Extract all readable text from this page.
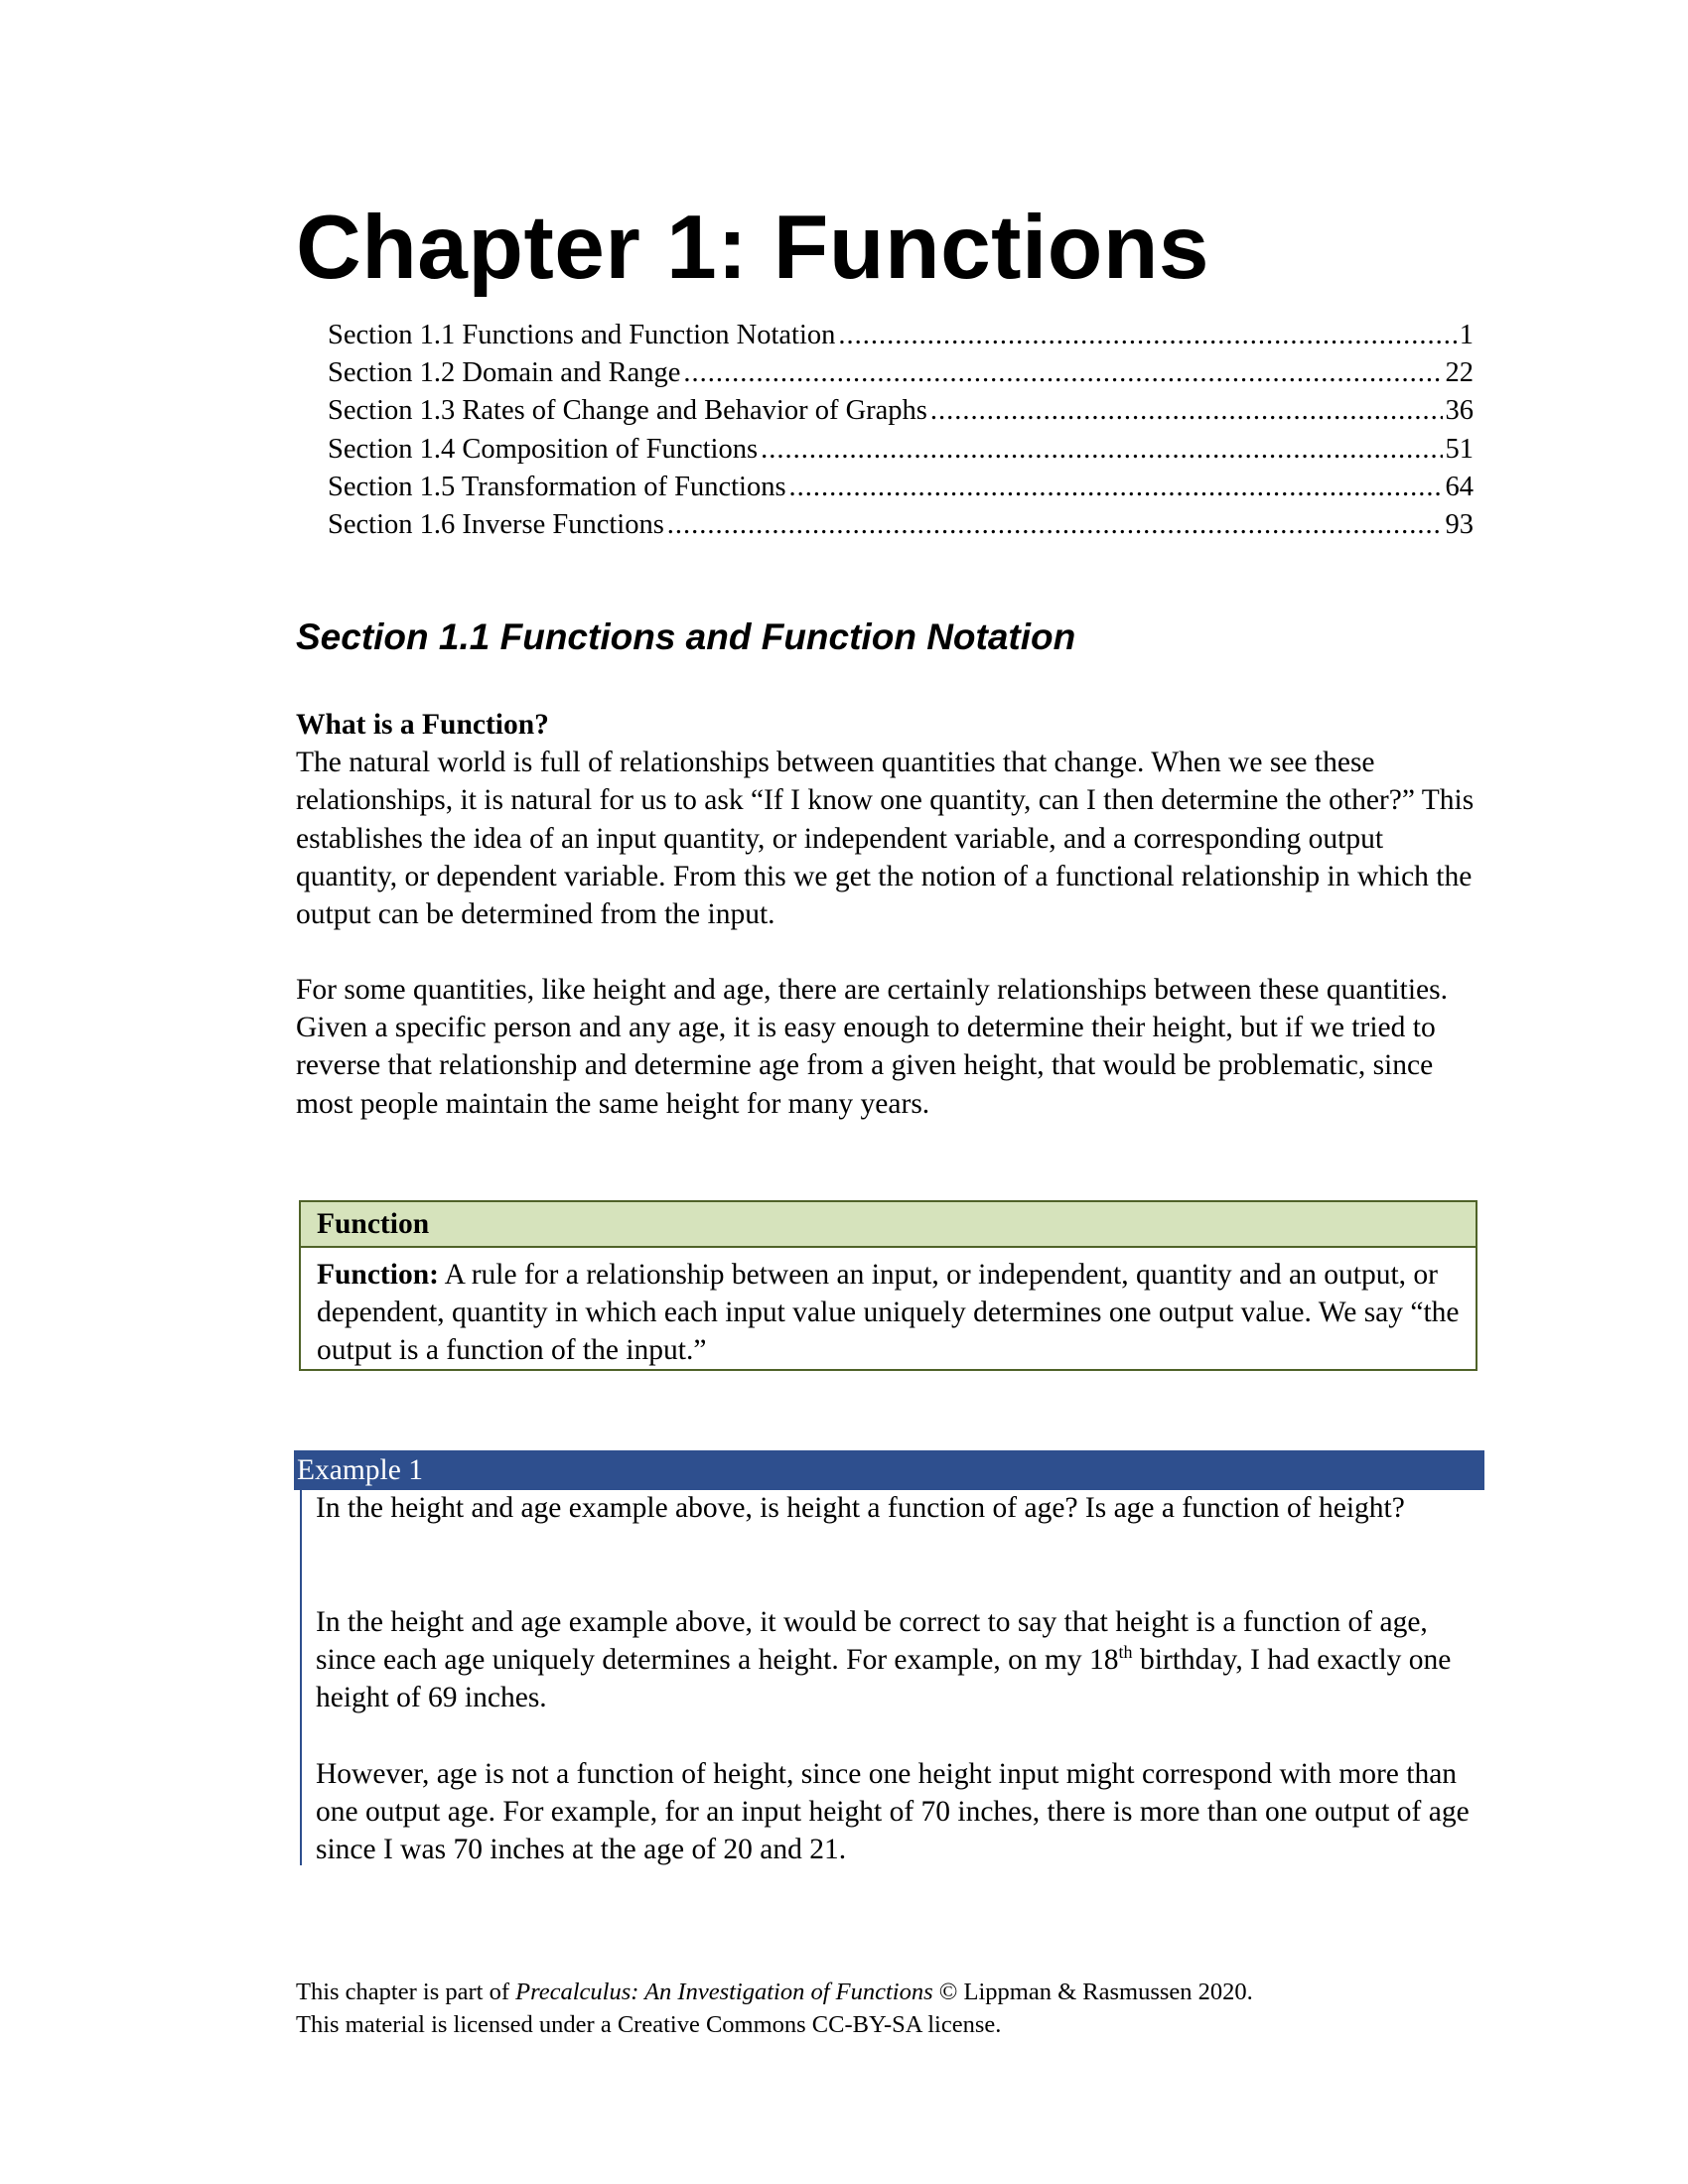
Chapter 1: Functions
Section 1.1 Functions and Function Notation .....	1
Section 1.2 Domain and Range .....	22
Section 1.3 Rates of Change and Behavior of Graphs .....	36
Section 1.4 Composition of Functions .....	51
Section 1.5 Transformation of Functions .....	64
Section 1.6 Inverse Functions .....	93
Section 1.1 Functions and Function Notation

What is a Function?
The natural world is full of relationships between quantities that change. When we see these relationships, it is natural for us to ask “If I know one quantity, can I then determine the other?” This establishes the idea of an input quantity, or independent variable, and a corresponding output quantity, or dependent variable. From this we get the notion of a functional relationship in which the output can be determined from the input.

For some quantities, like height and age, there are certainly relationships between these quantities. Given a specific person and any age, it is easy enough to determine their height, but if we tried to reverse that relationship and determine age from a given height, that would be problematic, since most people maintain the same height for many years.

Function
Function: A rule for a relationship between an input, or independent, quantity and an output, or dependent, quantity in which each input value uniquely determines one output value. We say “the output is a function of the input.”
Example 1

In the height and age example above, is height a function of age? Is age a function of height?

In the height and age example above, it would be correct to say that height is a function of age, since each age uniquely determines a height. For example, on my 18th birthday, I had exactly one height of 69 inches.

However, age is not a function of height, since one height input might correspond with more than one output age. For example, for an input height of 70 inches, there is more than one output of age since I was 70 inches at the age of 20 and 21.

This chapter is part of Precalculus: An Investigation of Functions © Lippman & Rasmussen 2020.
This material is licensed under a Creative Commons CC-BY-SA license.
